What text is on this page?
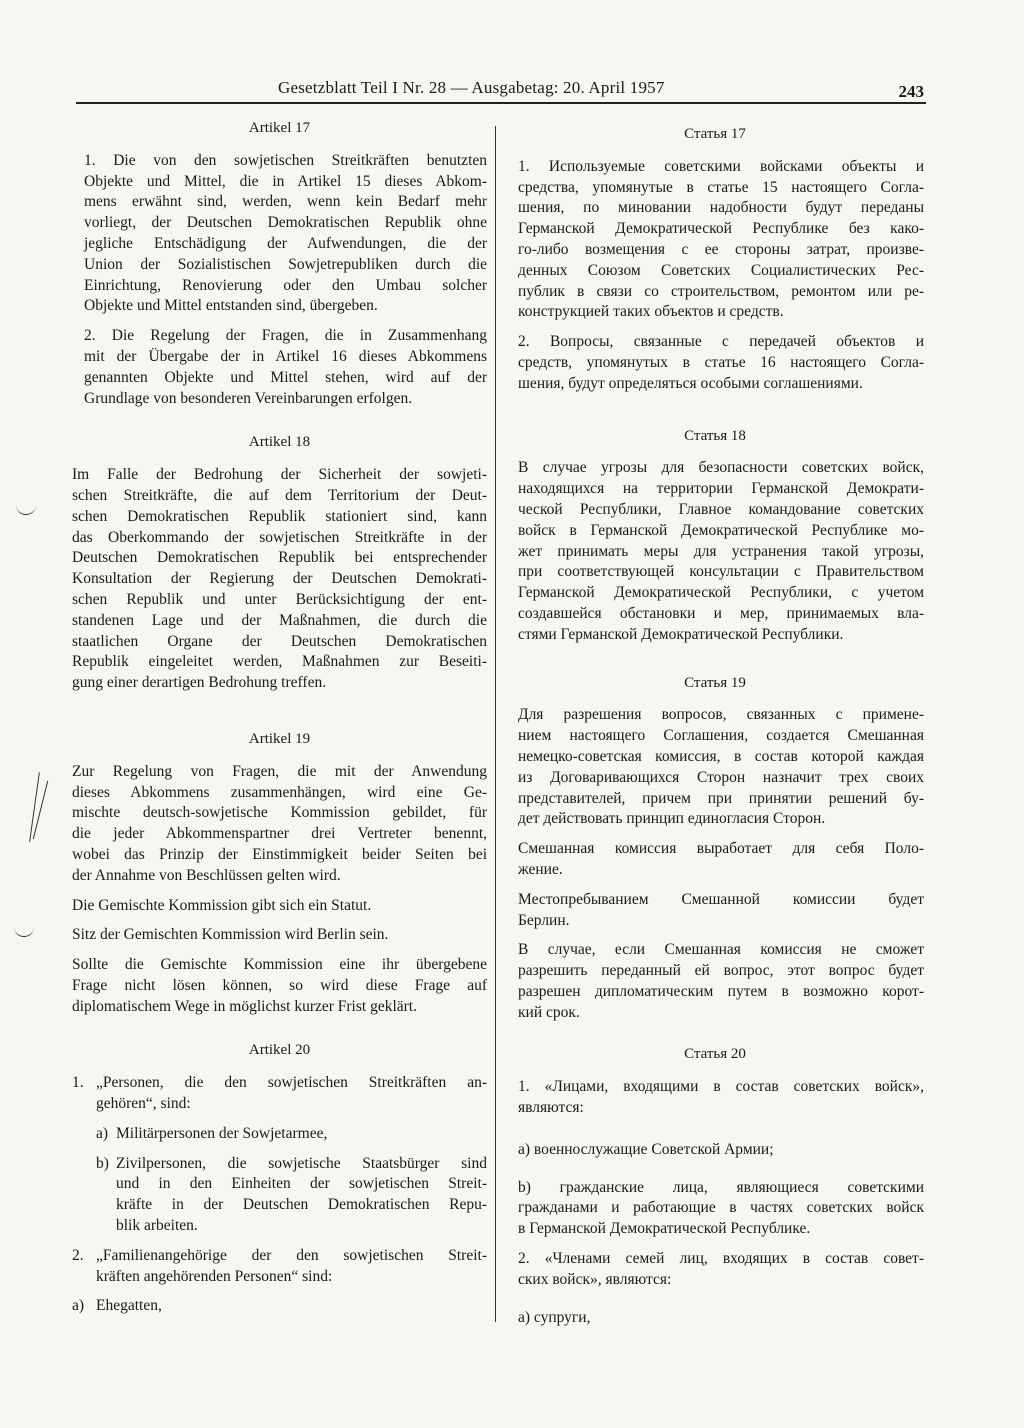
Gesetzblatt Teil I Nr. 28 — Ausgabetag: 20. April 1957	243
Artikel 17
1. Die von den sowjetischen Streitkräften benutzten
Objekte und Mittel, die in Artikel 15 dieses Abkom-
mens erwähnt sind, werden, wenn kein Bedarf mehr
vorliegt, der Deutschen Demokratischen Republik ohne
jegliche Entschädigung der Aufwendungen, die der
Union der Sozialistischen Sowjetrepubliken durch die
Einrichtung, Renovierung oder den Umbau solcher
Objekte und Mittel entstanden sind, übergeben.
2. Die Regelung der Fragen, die in Zusammenhang
mit der Übergabe der in Artikel 16 dieses Abkommens
genannten Objekte und Mittel stehen, wird auf der
Grundlage von besonderen Vereinbarungen erfolgen.
Artikel 18
Im Falle der Bedrohung der Sicherheit der sowjeti-
schen Streitkräfte, die auf dem Territorium der Deut-
schen Demokratischen Republik stationiert sind, kann
das Oberkommando der sowjetischen Streitkräfte in der
Deutschen Demokratischen Republik bei entsprechender
Konsultation der Regierung der Deutschen Demokrati-
schen Republik und unter Berücksichtigung der ent-
standenen Lage und der Maßnahmen, die durch die
staatlichen Organe der Deutschen Demokratischen
Republik eingeleitet werden, Maßnahmen zur Beseiti-
gung einer derartigen Bedrohung treffen.
Artikel 19
Zur Regelung von Fragen, die mit der Anwendung
dieses Abkommens zusammenhängen, wird eine Ge-
mischte deutsch-sowjetische Kommission gebildet, für
die jeder Abkommenspartner drei Vertreter benennt,
wobei das Prinzip der Einstimmigkeit beider Seiten bei
der Annahme von Beschlüssen gelten wird.
Die Gemischte Kommission gibt sich ein Statut.
Sitz der Gemischten Kommission wird Berlin sein.
Sollte die Gemischte Kommission eine ihr übergebene
Frage nicht lösen können, so wird diese Frage auf
diplomatischem Wege in möglichst kurzer Frist geklärt.
Artikel 20
1. „Personen, die den sowjetischen Streitkräften an-
gehören“, sind:
a) Militärpersonen der Sowjetarmee,
b) Zivilpersonen, die sowjetische Staatsbürger sind
und in den Einheiten der sowjetischen Streit-
kräfte in der Deutschen Demokratischen Repu-
blik arbeiten.
2. „Familienangehörige der den sowjetischen Streit-
kräften angehörenden Personen“ sind:
a) Ehegatten,
Статья 17
1. Используемые советскими войсками объекты и
средства, упомянутые в статье 15 настоящего Согла-
шения, по миновании надобности будут переданы
Германской Демократической Республике без како-
го-либо возмещения с ее стороны затрат, произве-
денных Союзом Советских Социалистических Рес-
публик в связи со строительством, ремонтом или ре-
конструкцией таких объектов и средств.
2. Вопросы, связанные с передачей объектов и
средств, упомянутых в статье 16 настоящего Согла-
шения, будут определяться особыми соглашениями.
Статья 18
В случае угрозы для безопасности советских войск,
находящихся на территории Германской Демократи-
ческой Республики, Главное командование советских
войск в Германской Демократической Республике мо-
жет принимать меры для устранения такой угрозы,
при соответствующей консультации с Правительством
Германской Демократической Республики, с учетом
создавшейся обстановки и мер, принимаемых вла-
стями Германской Демократической Республики.
Статья 19
Для разрешения вопросов, связанных с примене-
нием настоящего Соглашения, создается Смешанная
немецко-советская комиссия, в состав которой каждая
из Договаривающихся Сторон назначит трех своих
представителей, причем при принятии решений бу-
дет действовать принцип единогласия Сторон.
Смешанная комиссия выработает для себя Поло-
жение.
Местопребыванием Смешанной комиссии будет
Берлин.
В случае, если Смешанная комиссия не сможет
разрешить переданный ей вопрос, этот вопрос будет
разрешен дипломатическим путем в возможно корот-
кий срок.
Статья 20
1. «Лицами, входящими в состав советских войск»,
являются:
а) военнослужащие Советской Армии;
b) гражданские лица, являющиеся советскими
гражданами и работающие в частях советских войск
в Германской Демократической Республике.
2. «Членами семей лиц, входящих в состав совет-
ских войск», являются:
а) супруги,
